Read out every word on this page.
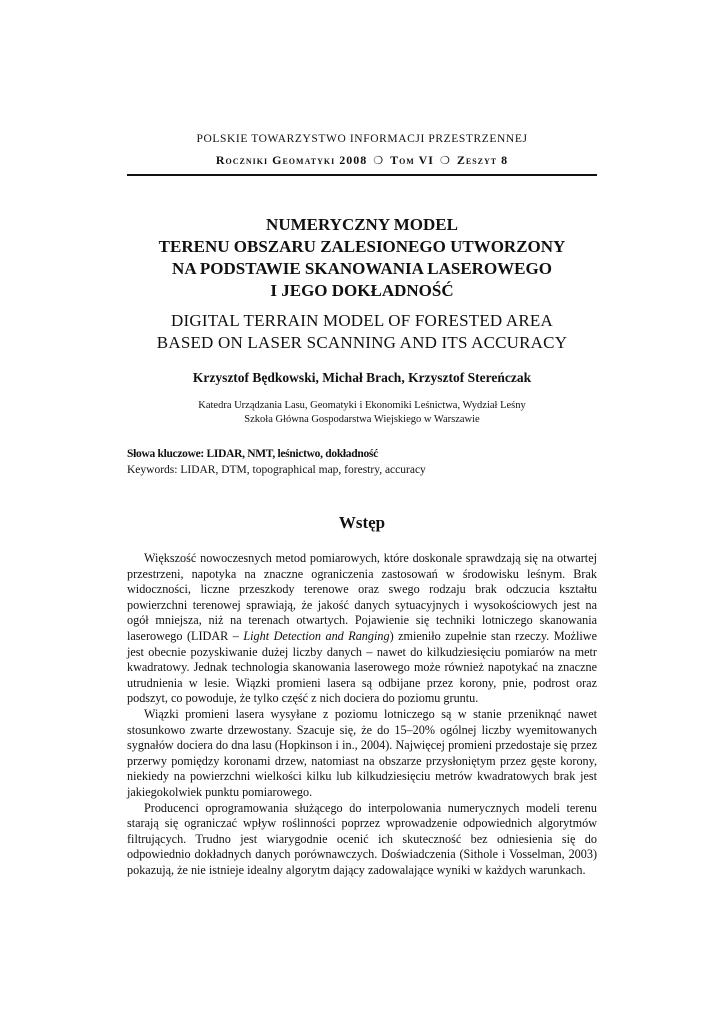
POLSKIE TOWARZYSTWO INFORMACJI PRZESTRZENNEJ
Roczniki Geomatyki 2008 ❍ Tom VI ❍ Zeszyt 8
NUMERYCZNY MODEL
TERENU OBSZARU ZALESIONEGO UTWORZONY
NA PODSTAWIE SKANOWANIA LASEROWEGO
I JEGO DOKŁADNOŚĆ
DIGITAL TERRAIN MODEL OF FORESTED AREA
BASED ON LASER SCANNING AND ITS ACCURACY
Krzysztof Będkowski, Michał Brach, Krzysztof Stereńczak
Katedra Urządzania Lasu, Geomatyki i Ekonomiki Leśnictwa, Wydział Leśny
Szkoła Główna Gospodarstwa Wiejskiego w Warszawie
Słowa kluczowe: LIDAR, NMT, leśnictwo, dokładność
Keywords: LIDAR, DTM, topographical map, forestry, accuracy
Wstęp

Większość nowoczesnych metod pomiarowych, które doskonale sprawdzają się na otwartej przestrzeni, napotyka na znaczne ograniczenia zastosowań w środowisku leśnym. Brak widoczności, liczne przeszkody terenowe oraz swego rodzaju brak odczucia kształtu powierzchni terenowej sprawiają, że jakość danych sytuacyjnych i wysokościowych jest na ogół mniejsza, niż na terenach otwartych. Pojawienie się techniki lotniczego skanowania laserowego (LIDAR – Light Detection and Ranging) zmieniło zupełnie stan rzeczy. Możliwe jest obecnie pozyskiwanie dużej liczby danych – nawet do kilkudziesięciu pomiarów na metr kwadratowy. Jednak technologia skanowania laserowego może również napotykać na znaczne utrudnienia w lesie. Wiązki promieni lasera są odbijane przez korony, pnie, podrost oraz podszyt, co powoduje, że tylko część z nich dociera do poziomu gruntu.

Wiązki promieni lasera wysyłane z poziomu lotniczego są w stanie przeniknąć nawet stosunkowo zwarte drzewostany. Szacuje się, że do 15–20% ogólnej liczby wyemitowanych sygnałów dociera do dna lasu (Hopkinson i in., 2004). Najwięcej promieni przedostaje się przez przerwy pomiędzy koronami drzew, natomiast na obszarze przysłoniętym przez gęste korony, niekiedy na powierzchni wielkości kilku lub kilkudziesięciu metrów kwadratowych brak jest jakiegokolwiek punktu pomiarowego.

Producenci oprogramowania służącego do interpolowania numerycznych modeli terenu starają się ograniczać wpływ roślinności poprzez wprowadzenie odpowiednich algorytmów filtrujących. Trudno jest wiarygodnie ocenić ich skuteczność bez odniesienia się do odpowiednio dokładnych danych porównawczych. Doświadczenia (Sithole i Vosselman, 2003) pokazują, że nie istnieje idealny algorytm dający zadowalające wyniki w każdych warunkach.
